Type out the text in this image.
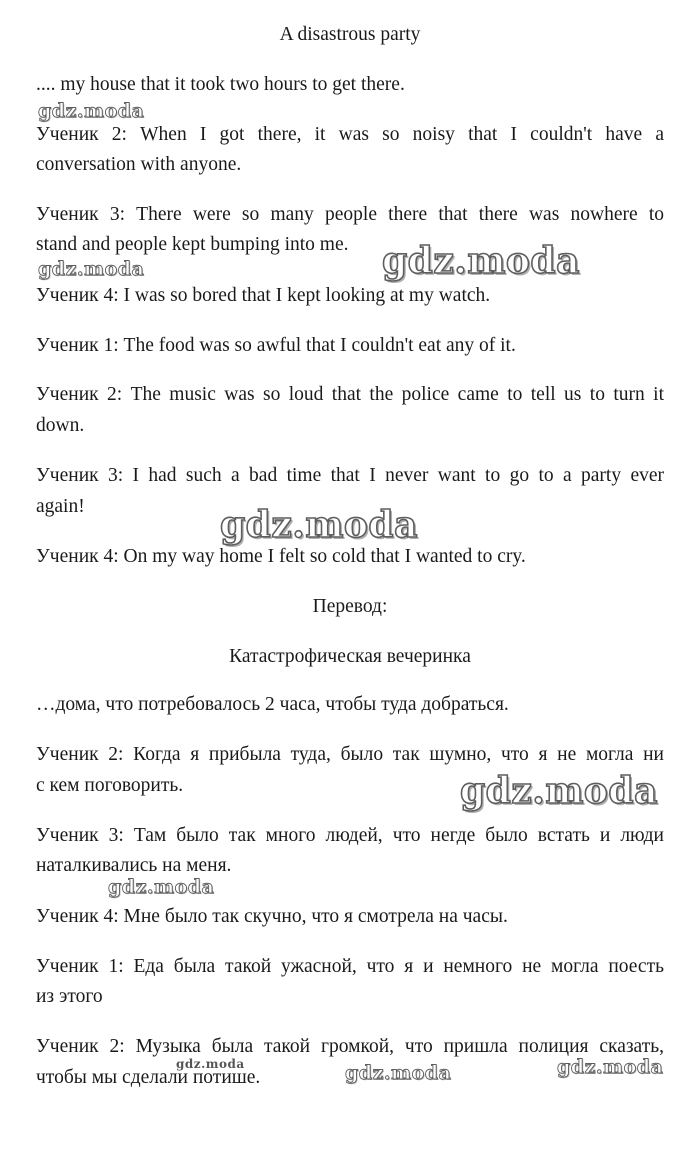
A disastrous party
.... my house that it took two hours to get there.
Ученик 2: When I got there, it was so noisy that I couldn't have a
conversation with anyone.
Ученик 3: There were so many people there that there was nowhere to
stand and people kept bumping into me.
Ученик 4: I was so bored that I kept looking at my watch.
Ученик 1: The food was so awful that I couldn't eat any of it.
Ученик 2: The music was so loud that the police came to tell us to turn it
down.
Ученик 3: I had such a bad time that I never want to go to a party ever
again!
Ученик 4: On my way home I felt so cold that I wanted to cry.
Перевод:
Катастрофическая вечеринка
…дома, что потребовалось 2 часа, чтобы туда добраться.
Ученик 2: Когда я прибыла туда, было так шумно, что я не могла ни
с кем поговорить.
Ученик 3: Там было так много людей, что негде было встать и люди
наталкивались на меня.
Ученик 4: Мне было так скучно, что я смотрела на часы.
Ученик 1: Еда была такой ужасной, что я и немного не могла поесть
из этого
Ученик 2: Музыка была такой громкой, что пришла полиция сказать,
чтобы мы сделали потише.
gdz.moda
gdz.moda	gdz.moda
gdz.moda
gdz.moda
gdz.moda
gdz.moda	gdz.moda	gdz.moda
